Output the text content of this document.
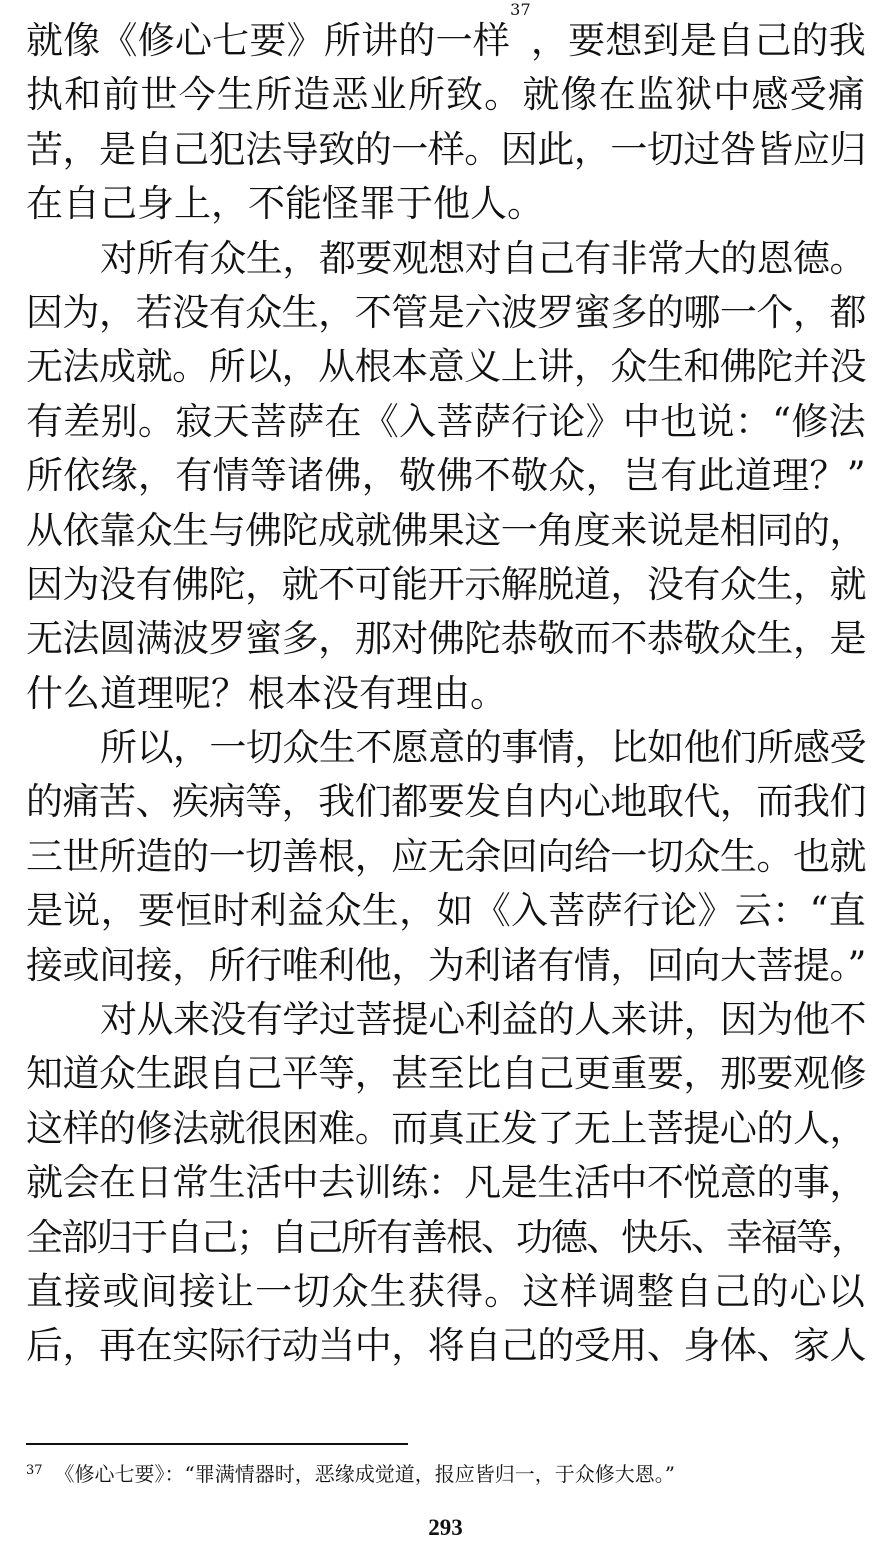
就像《修心七要》所讲的一样$^{37}$，要想到是自己的我
执和前世今生所造恶业所致。就像在监狱中感受痛
苦，是自己犯法导致的一样。因此，一切过咎皆应归
在自己身上，不能怪罪于他人。
对所有众生，都要观想对自己有非常大的恩德。
因为，若没有众生，不管是六波罗蜜多的哪一个，都
无法成就。所以，从根本意义上讲，众生和佛陀并没
有差别。寂天菩萨在《入菩萨行论》中也说：“修法
所依缘，有情等诸佛，敬佛不敬众，岂有此道理？”
从依靠众生与佛陀成就佛果这一角度来说是相同的，
因为没有佛陀，就不可能开示解脱道，没有众生，就
无法圆满波罗蜜多，那对佛陀恭敬而不恭敬众生，是
什么道理呢？根本没有理由。
所以，一切众生不愿意的事情，比如他们所感受
的痛苦、疾病等，我们都要发自内心地取代，而我们
三世所造的一切善根，应无余回向给一切众生。也就
是说，要恒时利益众生，如《入菩萨行论》云：“直
接或间接，所行唯利他，为利诸有情，回向大菩提。”
对从来没有学过菩提心利益的人来讲，因为他不
知道众生跟自己平等，甚至比自己更重要，那要观修
这样的修法就很困难。而真正发了无上菩提心的人，
就会在日常生活中去训练：凡是生活中不悦意的事，
全部归于自己；自己所有善根、功德、快乐、幸福等，
直接或间接让一切众生获得。这样调整自己的心以
后，再在实际行动当中，将自己的受用、身体、家人
$^{37}$ 《修心七要》：“罪满情器时，恶缘成觉道，报应皆归一，于众修大恩。”
293
